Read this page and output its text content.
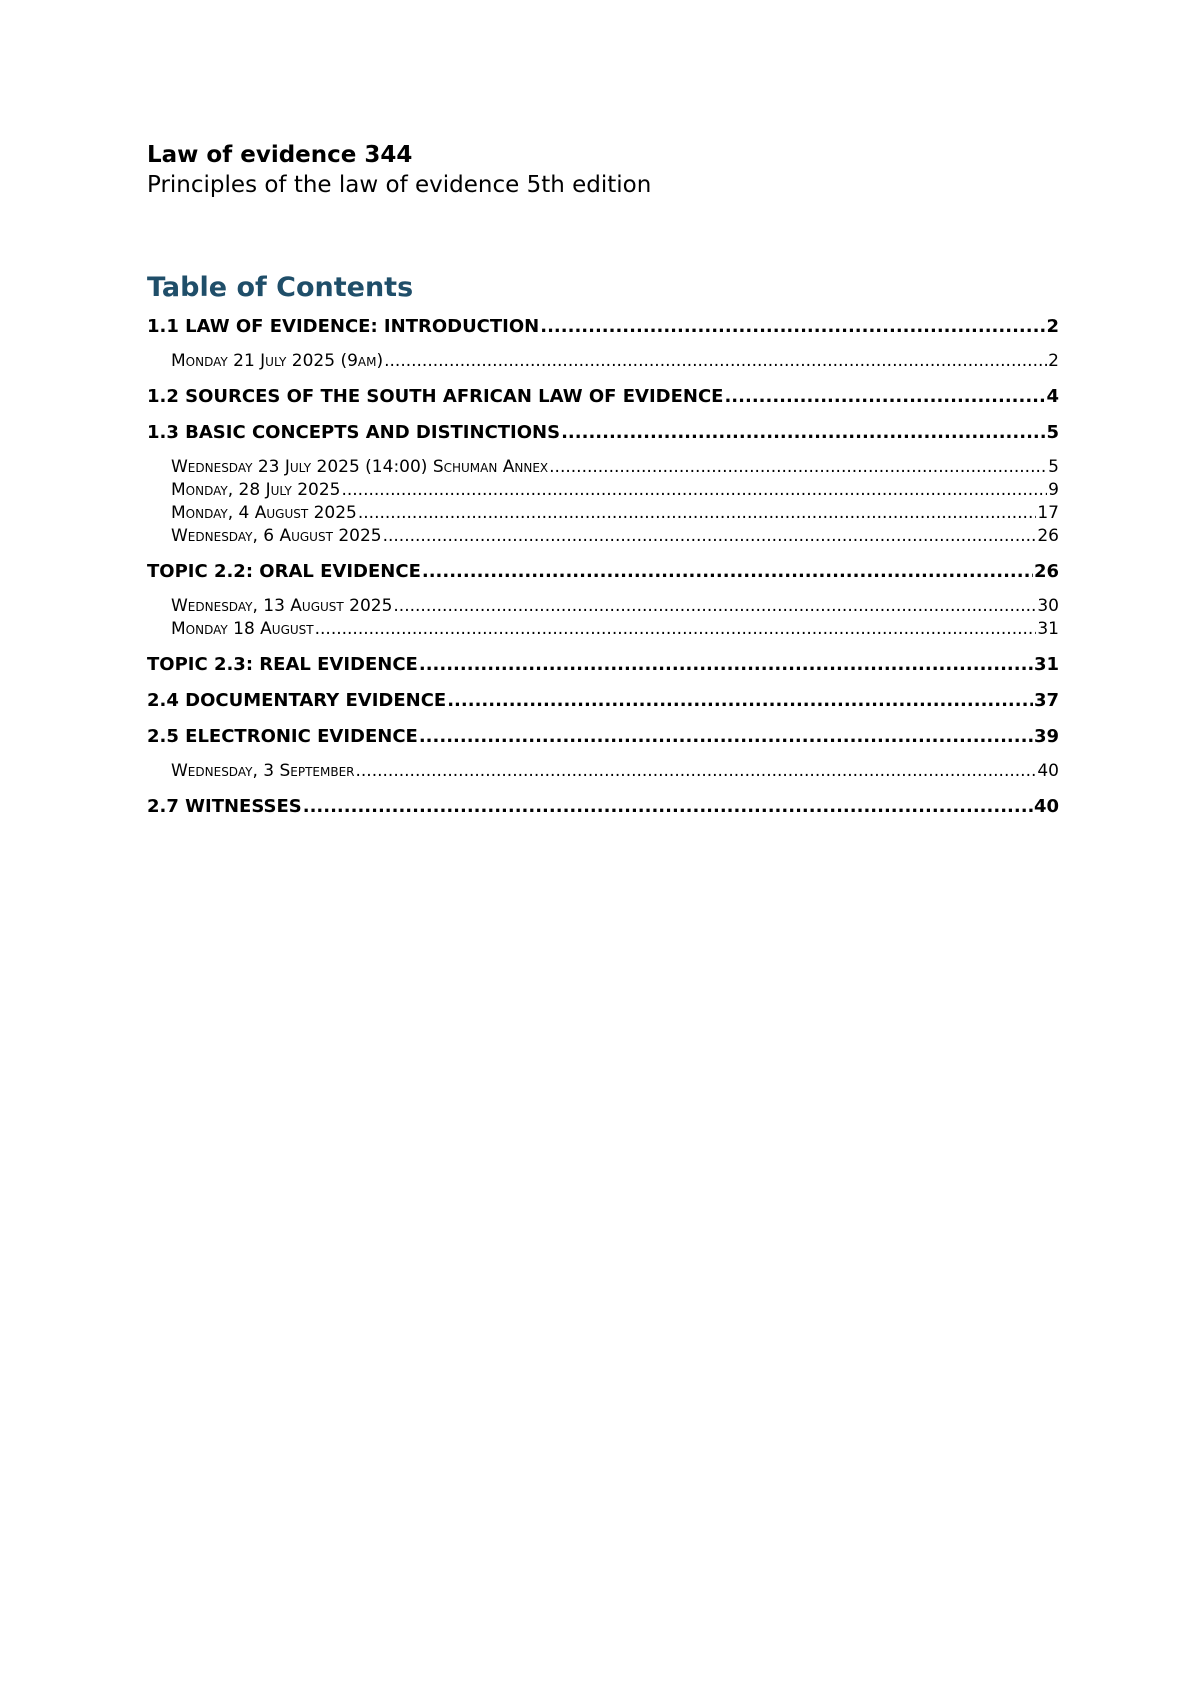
Law of evidence 344
Principles of the law of evidence 5th edition
Table of Contents
1.1 LAW OF EVIDENCE: INTRODUCTION .....	2
Monday 21 July 2025 (9am) .....	2
1.2 SOURCES OF THE SOUTH AFRICAN LAW OF EVIDENCE .....	4
1.3 BASIC CONCEPTS AND DISTINCTIONS .....	5
Wednesday 23 July 2025 (14:00) Schuman Annex .....	5
Monday, 28 July 2025 .....	9
Monday, 4 August 2025 .....	17
Wednesday, 6 August 2025 .....	26
TOPIC 2.2: ORAL EVIDENCE .....	26
Wednesday, 13 August 2025 .....	30
Monday 18 August .....	31
TOPIC 2.3: REAL EVIDENCE .....	31
2.4 DOCUMENTARY EVIDENCE .....	37
2.5 ELECTRONIC EVIDENCE .....	39
Wednesday, 3 September .....	40
2.7 WITNESSES .....	40
